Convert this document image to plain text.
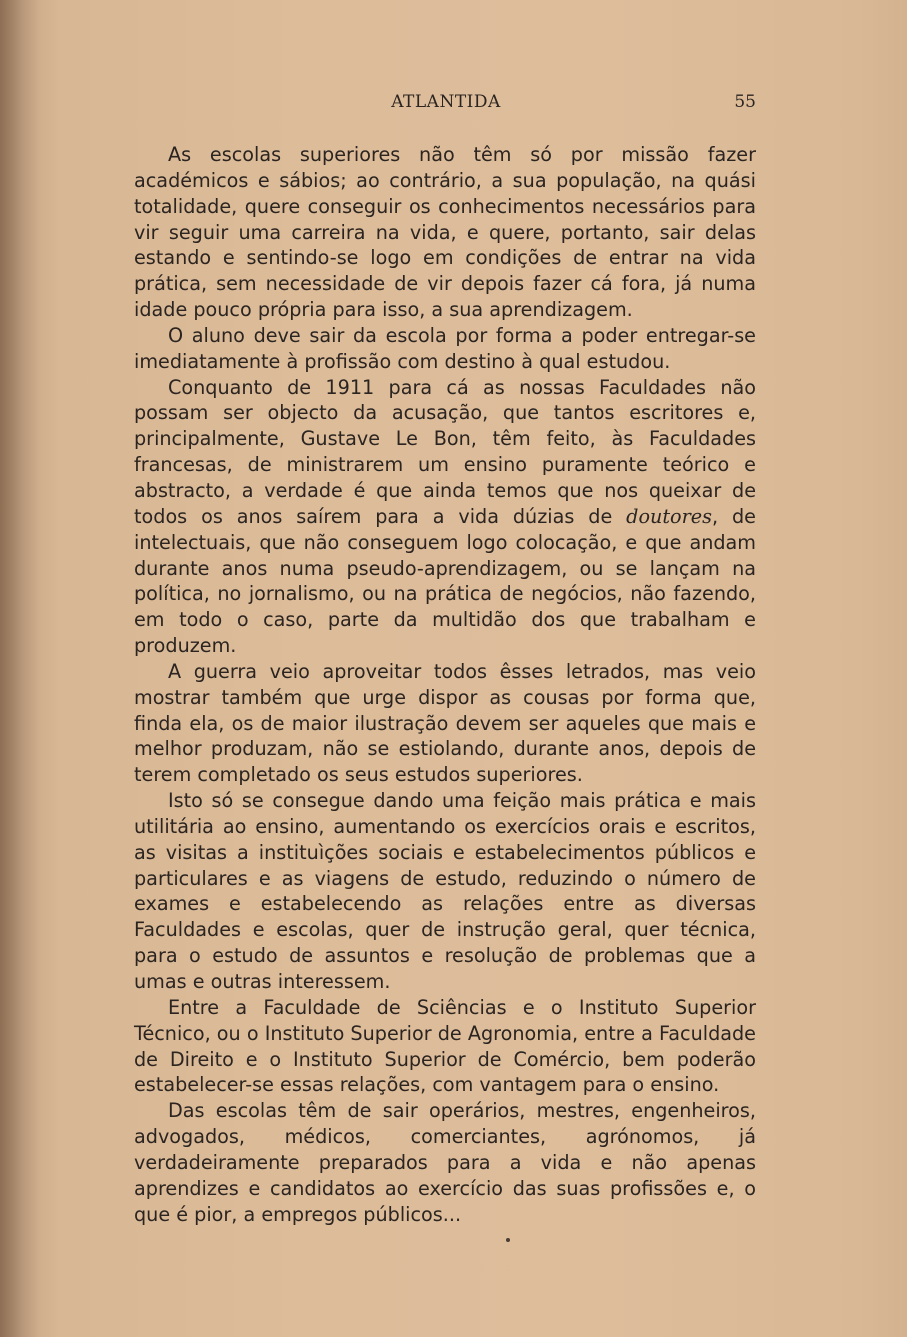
ATLANTIDA	55

As escolas superiores não têm só por missão fazer académicos e sábios; ao contrário, a sua população, na quási totalidade, quere conseguir os conhecimentos necessários para vir seguir uma carreira na vida, e quere, portanto, sair delas estando e sentindo-se logo em condições de entrar na vida prática, sem necessidade de vir depois fazer cá fora, já numa idade pouco própria para isso, a sua aprendizagem.

O aluno deve sair da escola por forma a poder entregar-se imediatamente à profissão com destino à qual estudou.

Conquanto de 1911 para cá as nossas Faculdades não possam ser objecto da acusação, que tantos escritores e, principalmente, Gustave Le Bon, têm feito, às Faculdades francesas, de ministrarem um ensino puramente teórico e abstracto, a verdade é que ainda temos que nos queixar de todos os anos saírem para a vida dúzias de doutores, de intelectuais, que não conseguem logo colocação, e que andam durante anos numa pseudo-aprendizagem, ou se lançam na política, no jornalismo, ou na prática de negócios, não fazendo, em todo o caso, parte da multidão dos que trabalham e produzem.

A guerra veio aproveitar todos êsses letrados, mas veio mostrar também que urge dispor as cousas por forma que, finda ela, os de maior ilustração devem ser aqueles que mais e melhor produzam, não se estiolando, durante anos, depois de terem completado os seus estudos superiores.

Isto só se consegue dando uma feição mais prática e mais utilitária ao ensino, aumentando os exercícios orais e escritos, as visitas a instituìções sociais e estabelecimentos públicos e particulares e as viagens de estudo, reduzindo o número de exames e estabelecendo as relações entre as diversas Faculdades e escolas, quer de instrução geral, quer técnica, para o estudo de assuntos e resolução de problemas que a umas e outras interessem.

Entre a Faculdade de Sciências e o Instituto Superior Técnico, ou o Instituto Superior de Agronomia, entre a Faculdade de Direito e o Instituto Superior de Comércio, bem poderão estabelecer-se essas relações, com vantagem para o ensino.

Das escolas têm de sair operários, mestres, engenheiros, advogados, médicos, comerciantes, agrónomos, já verdadeiramente preparados para a vida e não apenas aprendizes e candidatos ao exercício das suas profissões e, o que é pior, a empregos públicos...
